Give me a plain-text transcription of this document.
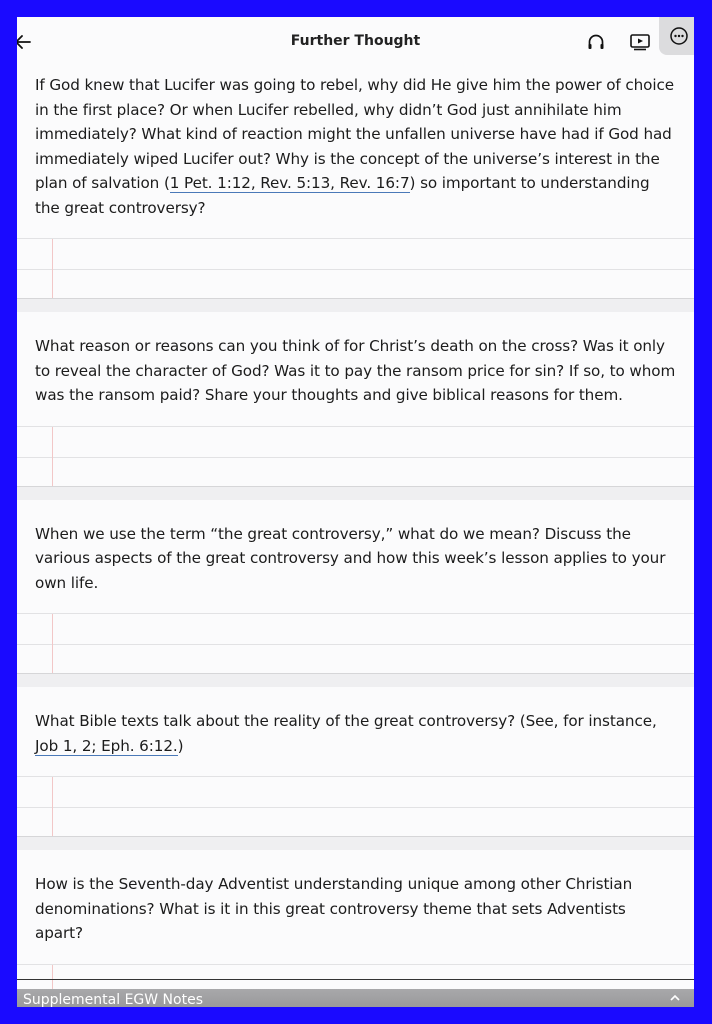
Further Thought

If God knew that Lucifer was going to rebel, why did He give him the power of choice in the first place? Or when Lucifer rebelled, why didn’t God just annihilate him immediately? What kind of reaction might the unfallen universe have had if God had immediately wiped Lucifer out? Why is the concept of the universe’s interest in the plan of salvation (1 Pet. 1:12, Rev. 5:13, Rev. 16:7) so important to understanding the great controversy?

What reason or reasons can you think of for Christ’s death on the cross? Was it only to reveal the character of God? Was it to pay the ransom price for sin? If so, to whom was the ransom paid? Share your thoughts and give biblical reasons for them.

When we use the term “the great controversy,” what do we mean? Discuss the various aspects of the great controversy and how this week’s lesson applies to your own life.

What Bible texts talk about the reality of the great controversy? (See, for instance, Job 1, 2; Eph. 6:12.)

How is the Seventh-day Adventist understanding unique among other Christian denominations? What is it in this great controversy theme that sets Adventists apart?

Supplemental EGW Notes
